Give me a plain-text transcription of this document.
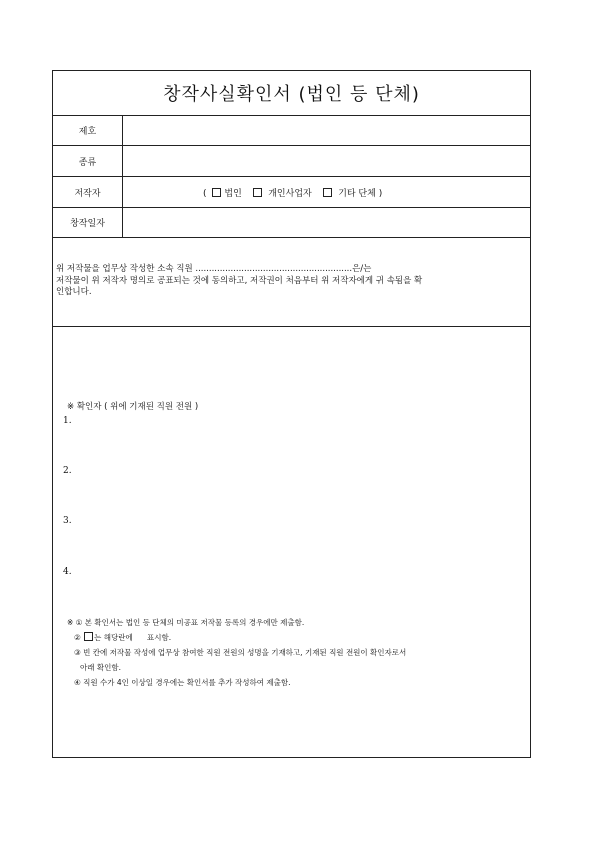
창작사실확인서 (법인 등 단체)
제호
종류
저작자	( 법인	개인사업자	기타 단체 )
창작일자
위 저작물을 업무상 작성한 소속 직원 ..........................................................은/는
저작물이 위 저작자 명의로 공표되는 것에 동의하고, 저작권이 처음부터 위 저작자에게 귀 속됨을 확
인합니다.
※ 확인자 ( 위에 기재된 직원 전원 )
1.
2.
3.
4.
※ ① 본 확인서는 법인 등 단체의 미공표 저작물 등록의 경우에만 제출함.
② 는 해당란에      표시함.
③ 빈 칸에 저작물 작성에 업무상 참여한 직원 전원의 성명을 기재하고, 기재된 직원 전원이 확인자로서
아래 확인함.
④ 직원 수가 4인 이상일 경우에는 확인서를 추가 작성하여 제출함.
